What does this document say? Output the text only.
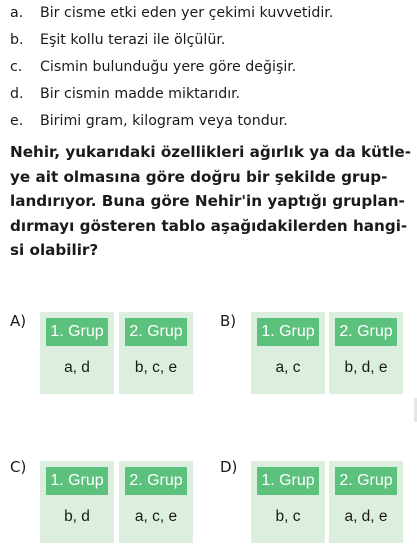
a. Bir cisme etki eden yer çekimi kuvvetidir.
b. Eşit kollu terazi ile ölçülür.
c. Cismin bulunduğu yere göre değişir.
d. Bir cismin madde miktarıdır.
e. Birimi gram, kilogram veya tondur.
Nehir, yukarıdaki özellikleri ağırlık ya da kütle-
ye ait olmasına göre doğru bir şekilde grup-
landırıyor. Buna göre Nehir'in yaptığı gruplan-
dırmayı gösteren tablo aşağıdakilerden hangi-
si olabilir?
A)
1. Grup
a, d
2. Grup
b, c, e
B)
1. Grup
a, c
2. Grup
b, d, e
C)
1. Grup
b, d
2. Grup
a, c, e
D)
1. Grup
b, c
2. Grup
a, d, e
